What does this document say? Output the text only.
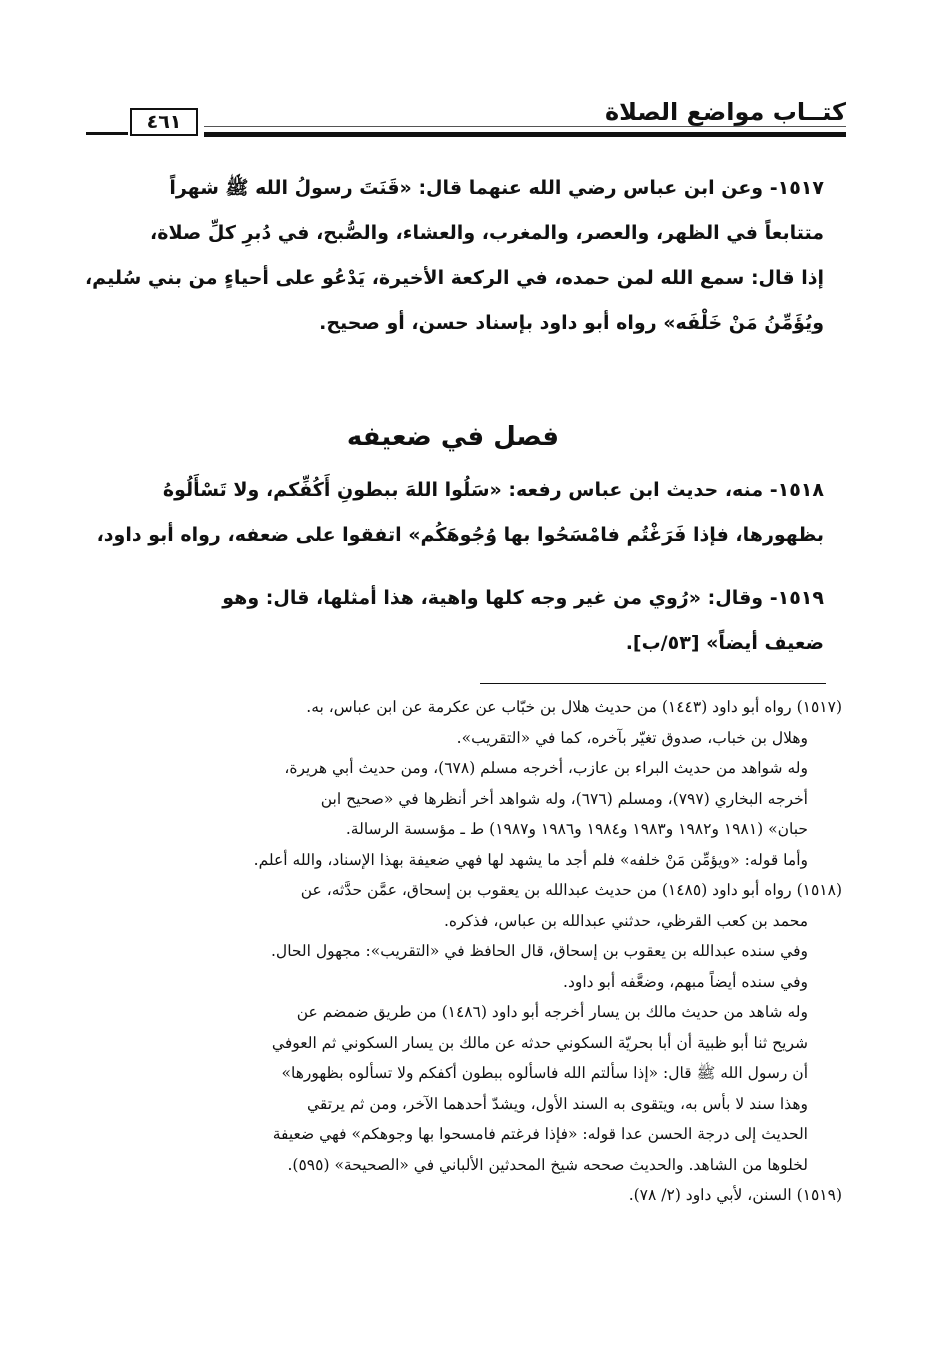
كتــاب مواضع الصلاة
٤٦١
١٥١٧- وعن ابن عباس رضي الله عنهما قال: «قَنَتَ رسولُ الله ﷺ شهراً
متتابعاً في الظهر، والعصر، والمغرب، والعشاء، والصُّبح، في دُبرِ كلِّ صلاة،
إذا قال: سمع الله لمن حمده، في الركعة الأخيرة، يَدْعُو على أحياءٍ من بني سُليم،
ويُؤَمِّنُ مَنْ خَلْفَه» رواه أبو داود بإسناد حسن، أو صحيح.
فصل في ضعيفه
١٥١٨- منه، حديث ابن عباس رفعه: «سَلُوا اللهَ ببطونِ أَكُفِّكم، ولا تَسْأَلُوهُ
بظهورها، فإذا فَرَغْتُم فامْسَحُوا بها وُجُوهَكُم» اتفقوا على ضعفه، رواه أبو داود،
١٥١٩- وقال: «رُوي من غير وجه كلها واهية، هذا أمثلها، قال: وهو
ضعيف أيضاً» [٥٣/ب].

(١٥١٧) رواه أبو داود (١٤٤٣) من حديث هلال بن خبّاب عن عكرمة عن ابن عباس، به.

وهلال بن خباب، صدوق تغيّر بآخره، كما في «التقريب».

وله شواهد من حديث البراء بن عازب، أخرجه مسلم (٦٧٨)، ومن حديث أبي هريرة،

أخرجه البخاري (٧٩٧)، ومسلم (٦٧٦)، وله شواهد أخر أنظرها في «صحيح ابن

حبان» (١٩٨١ و١٩٨٢ و١٩٨٣ و١٩٨٤ و١٩٨٦ و١٩٨٧) ط ـ مؤسسة الرسالة.

وأما قوله: «ويؤمِّن مَنْ خلفه» فلم أجد ما يشهد لها فهي ضعيفة بهذا الإسناد، والله أعلم.

(١٥١٨) رواه أبو داود (١٤٨٥) من حديث عبدالله بن يعقوب بن إسحاق، عمَّن حدَّثه، عن

محمد بن كعب القرظي، حدثني عبدالله بن عباس، فذكره.

وفي سنده عبدالله بن يعقوب بن إسحاق، قال الحافظ في «التقريب»: مجهول الحال.

وفي سنده أيضاً مبهم، وضعَّفه أبو داود.

وله شاهد من حديث مالك بن يسار أخرجه أبو داود (١٤٨٦) من طريق ضمضم عن

شريح ثنا أبو ظبية أن أبا بحريّة السكوني حدثه عن مالك بن يسار السكوني ثم العوفي

أن رسول الله ﷺ قال: «إذا سألتم الله فاسألوه ببطون أكفكم ولا تسألوه بظهورها»

وهذا سند لا بأس به، ويتقوى به السند الأول، ويشدّ أحدهما الآخر، ومن ثم يرتقي

الحديث إلى درجة الحسن عدا قوله: «فإذا فرغتم فامسحوا بها وجوهكم» فهي ضعيفة

لخلوها من الشاهد. والحديث صححه شيخ المحدثين الألباني في «الصحيحة» (٥٩٥).

(١٥١٩) السنن، لأبي داود (٢/ ٧٨).
